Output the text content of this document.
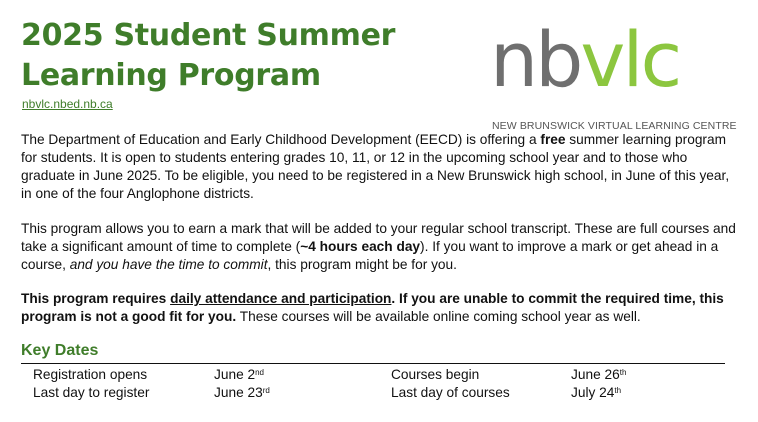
2025 Student Summer
Learning Program
nbvlc.nbed.nb.ca	nbvlc
NEW BRUNSWICK VIRTUAL LEARNING CENTRE

The Department of Education and Early Childhood Development (EECD) is offering a free summer learning program for students. It is open to students entering grades 10, 11, or 12 in the upcoming school year and to those who graduate in June 2025. To be eligible, you need to be registered in a New Brunswick high school, in June of this year, in one of the four Anglophone districts.

This program allows you to earn a mark that will be added to your regular school transcript. These are full courses and take a significant amount of time to complete (~4 hours each day). If you want to improve a mark or get ahead in a course, and you have the time to commit, this program might be for you.

This program requires daily attendance and participation. If you are unable to commit the required time, this program is not a good fit for you. These courses will be available online coming school year as well.

Key Dates
Registration opens	June 2nd	Courses begin	June 26th
Last day to register	June 23rd	Last day of courses	July 24th
